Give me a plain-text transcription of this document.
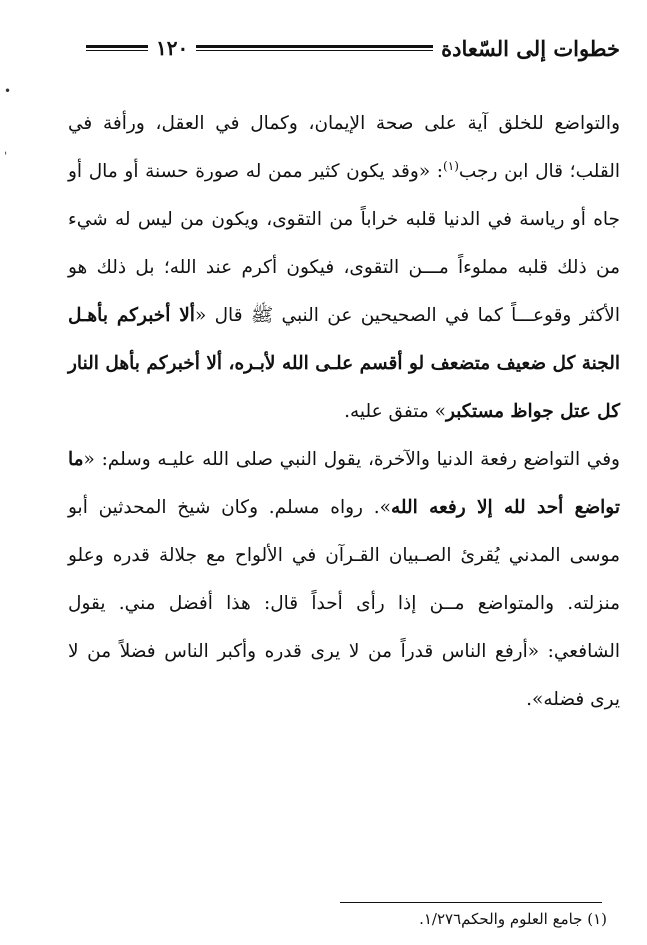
•
ˈ
خطوات إلى السّعادة
١٢٠

والتواضع للخلق آية على صحة الإيمان، وكمال في العقل، ورأفة في القلب؛ قال ابن رجب$^{(١)}$: «وقد يكون كثير ممن له صورة حسنة أو مال أو جاه أو رياسة في الدنيا قلبه خراباً من التقوى، ويكون من ليس له شيء من ذلك قلبه مملوءاً مـــن التقوى، فيكون أكرم عند الله؛ بل ذلك هو الأكثر وقوعـــاً كما في الصحيحين عن النبي ﷺ قال «ألا أخبركم بأهـل الجنة كل ضعيف متضعف لو أقسم علـى الله لأبـره، ألا أخبركم بأهل النار كل عتل جواظ مستكبر» متفق عليه.

وفي التواضع رفعة الدنيا والآخرة، يقول النبي صلى الله عليـه وسلم: «ما تواضع أحد لله إلا رفعه الله». رواه مسلم. وكان شيخ المحدثين أبو موسى المدني يُقرئ الصـبيان القـرآن في الألواح مع جلالة قدره وعلو منزلته. والمتواضع مــن إذا رأى أحداً قال: هذا أفضل مني. يقول الشافعي: «أرفع الناس قدراً من لا يرى قدره وأكبر الناس فضلاً من لا يرى فضله».

(١) جامع العلوم والحكم١/٢٧٦.
